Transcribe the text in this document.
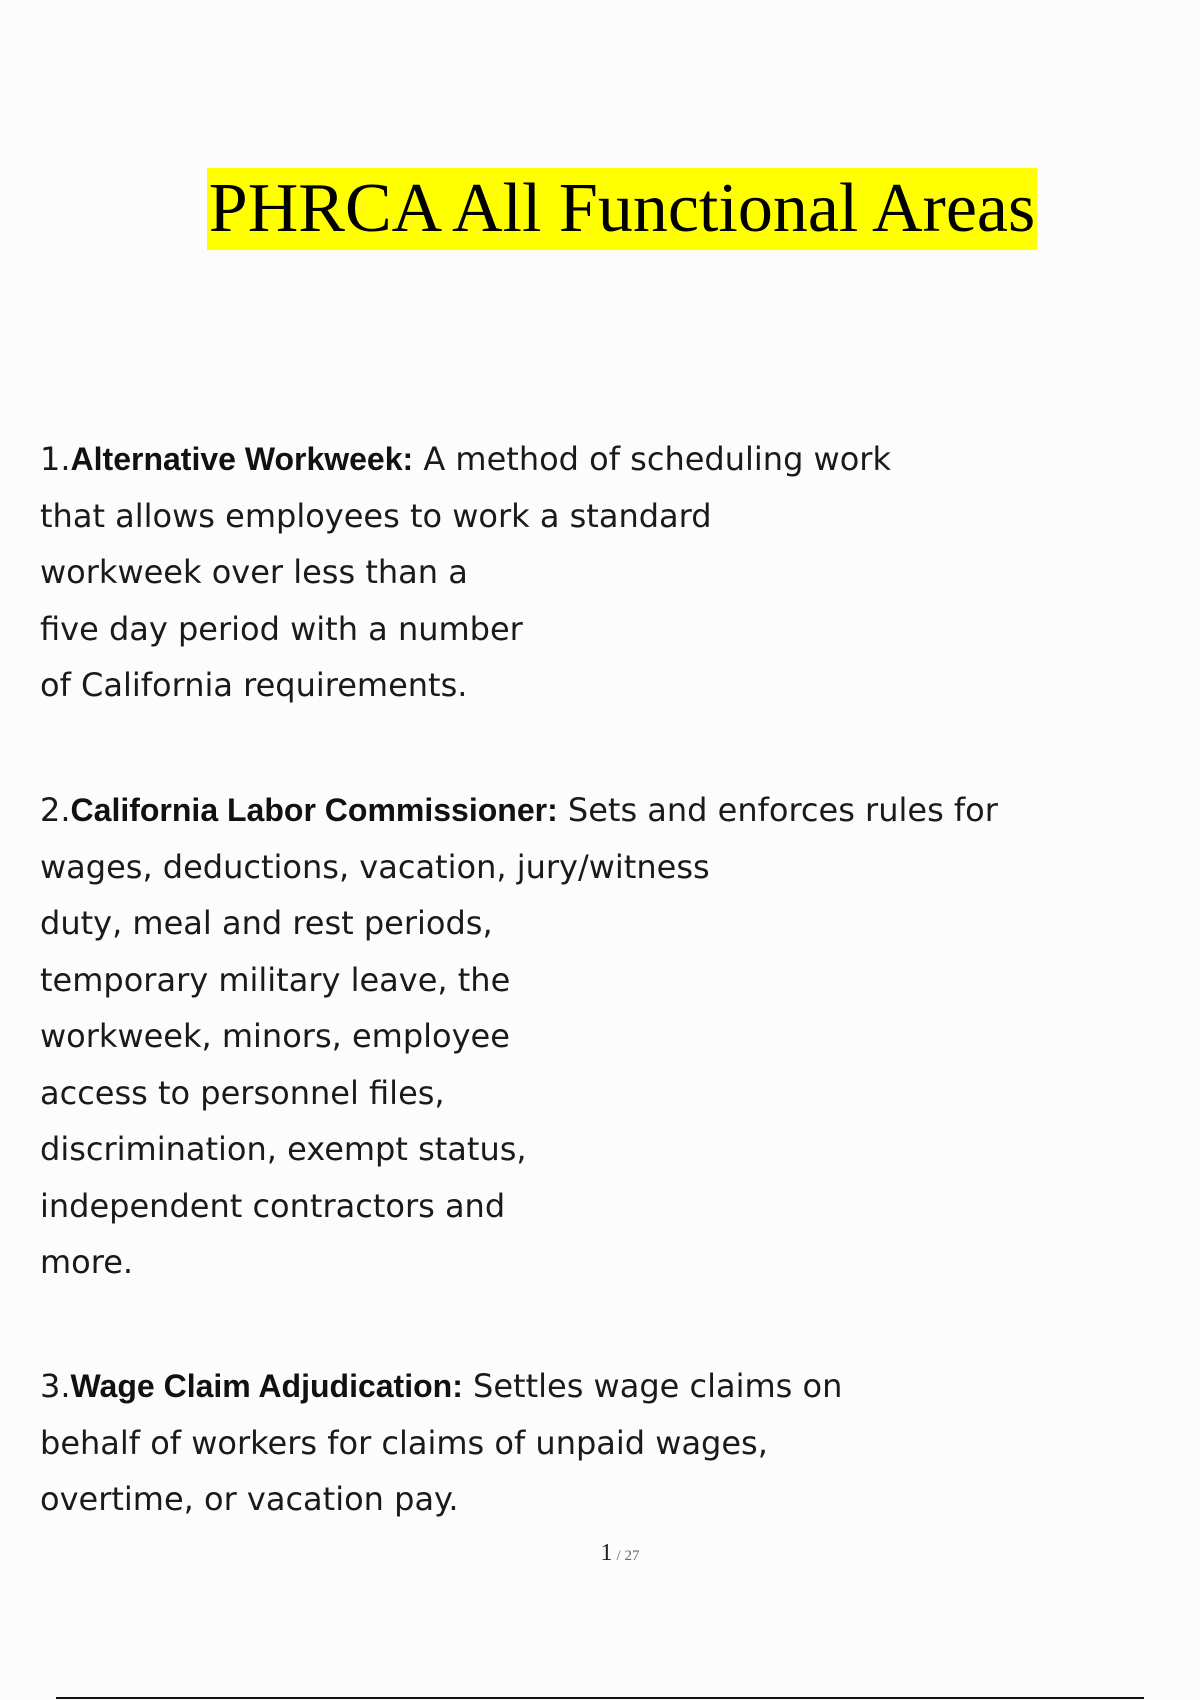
PHRCA All Functional Areas
1.Alternative Workweek: A method of scheduling work
that allows employees to work a standard
workweek over less than a
five day period with a number
of California requirements.
2.California Labor Commissioner: Sets and enforces rules for
wages, deductions, vacation, jury/witness
duty, meal and rest periods,
temporary military leave, the
workweek, minors, employee
access to personnel files,
discrimination, exempt status,
independent contractors and
more.
3.Wage Claim Adjudication: Settles wage claims on
behalf of workers for claims of unpaid wages,
overtime, or vacation pay.
1 / 27
